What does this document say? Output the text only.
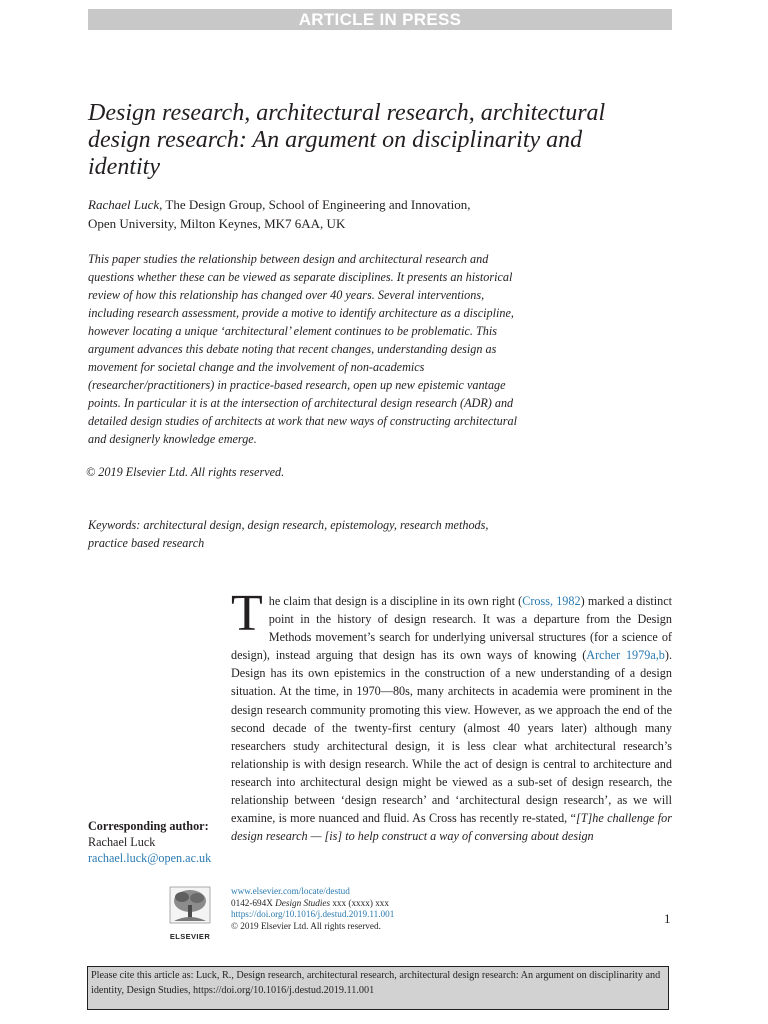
ARTICLE IN PRESS
Design research, architectural research, architectural design research: An argument on disciplinarity and identity
Rachael Luck, The Design Group, School of Engineering and Innovation,
Open University, Milton Keynes, MK7 6AA, UK
This paper studies the relationship between design and architectural research and questions whether these can be viewed as separate disciplines. It presents an historical review of how this relationship has changed over 40 years. Several interventions, including research assessment, provide a motive to identify architecture as a discipline, however locating a unique ‘architectural’ element continues to be problematic. This argument advances this debate noting that recent changes, understanding design as movement for societal change and the involvement of non-academics (researcher/practitioners) in practice-based research, open up new epistemic vantage points. In particular it is at the intersection of architectural design research (ADR) and detailed design studies of architects at work that new ways of constructing architectural and designerly knowledge emerge.
© 2019 Elsevier Ltd. All rights reserved.
Keywords: architectural design, design research, epistemology, research methods, practice based research
The claim that design is a discipline in its own right (Cross, 1982) marked a distinct point in the history of design research. It was a departure from the Design Methods movement’s search for underlying universal structures (for a science of design), instead arguing that design has its own ways of knowing (Archer 1979a,b). Design has its own epistemics in the construction of a new understanding of a design situation. At the time, in 1970—80s, many architects in academia were prominent in the design research community promoting this view. However, as we approach the end of the second decade of the twenty-first century (almost 40 years later) although many researchers study architectural design, it is less clear what architectural research’s relationship is with design research. While the act of design is central to architecture and research into architectural design might be viewed as a sub-set of design research, the relationship between ‘design research’ and ‘architectural design research’, as we will examine, is more nuanced and fluid. As Cross has recently re-stated, “[T]he challenge for design research — [is] to help construct a way of conversing about design
Corresponding author:
Rachael Luck
rachael.luck@open.ac.uk
ELSEVIER
www.elsevier.com/locate/destud
0142-694X Design Studies xxx (xxxx) xxx
https://doi.org/10.1016/j.destud.2019.11.001
© 2019 Elsevier Ltd. All rights reserved.	1
Please cite this article as: Luck, R., Design research, architectural research, architectural design research: An argument on disciplinarity and identity, Design Studies, https://doi.org/10.1016/j.destud.2019.11.001
